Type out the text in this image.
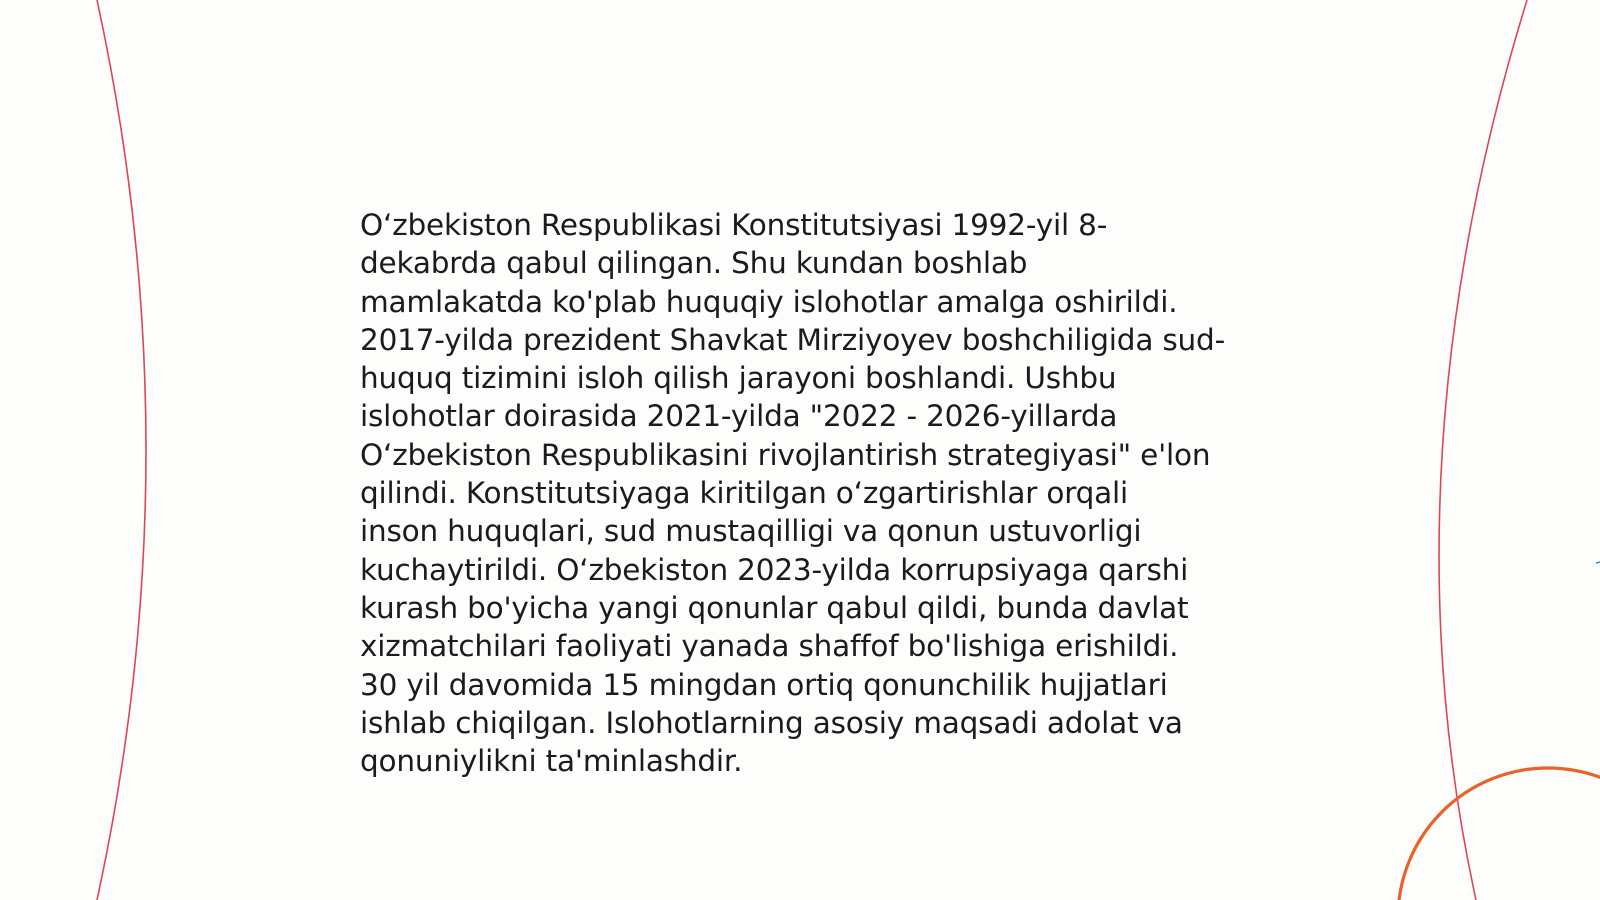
O‘zbekiston Respublikasi Konstitutsiyasi 1992-yil 8-
dekabrda qabul qilingan. Shu kundan boshlab
mamlakatda ko'plab huquqiy islohotlar amalga oshirildi.
2017-yilda prezident Shavkat Mirziyoyev boshchiligida sud-
huquq tizimini isloh qilish jarayoni boshlandi. Ushbu
islohotlar doirasida 2021-yilda "2022 - 2026-yillarda
O‘zbekiston Respublikasini rivojlantirish strategiyasi" e'lon
qilindi. Konstitutsiyaga kiritilgan o‘zgartirishlar orqali
inson huquqlari, sud mustaqilligi va qonun ustuvorligi
kuchaytirildi. O‘zbekiston 2023-yilda korrupsiyaga qarshi
kurash bo'yicha yangi qonunlar qabul qildi, bunda davlat
xizmatchilari faoliyati yanada shaffof bo'lishiga erishildi.
30 yil davomida 15 mingdan ortiq qonunchilik hujjatlari
ishlab chiqilgan. Islohotlarning asosiy maqsadi adolat va
qonuniylikni ta'minlashdir.
